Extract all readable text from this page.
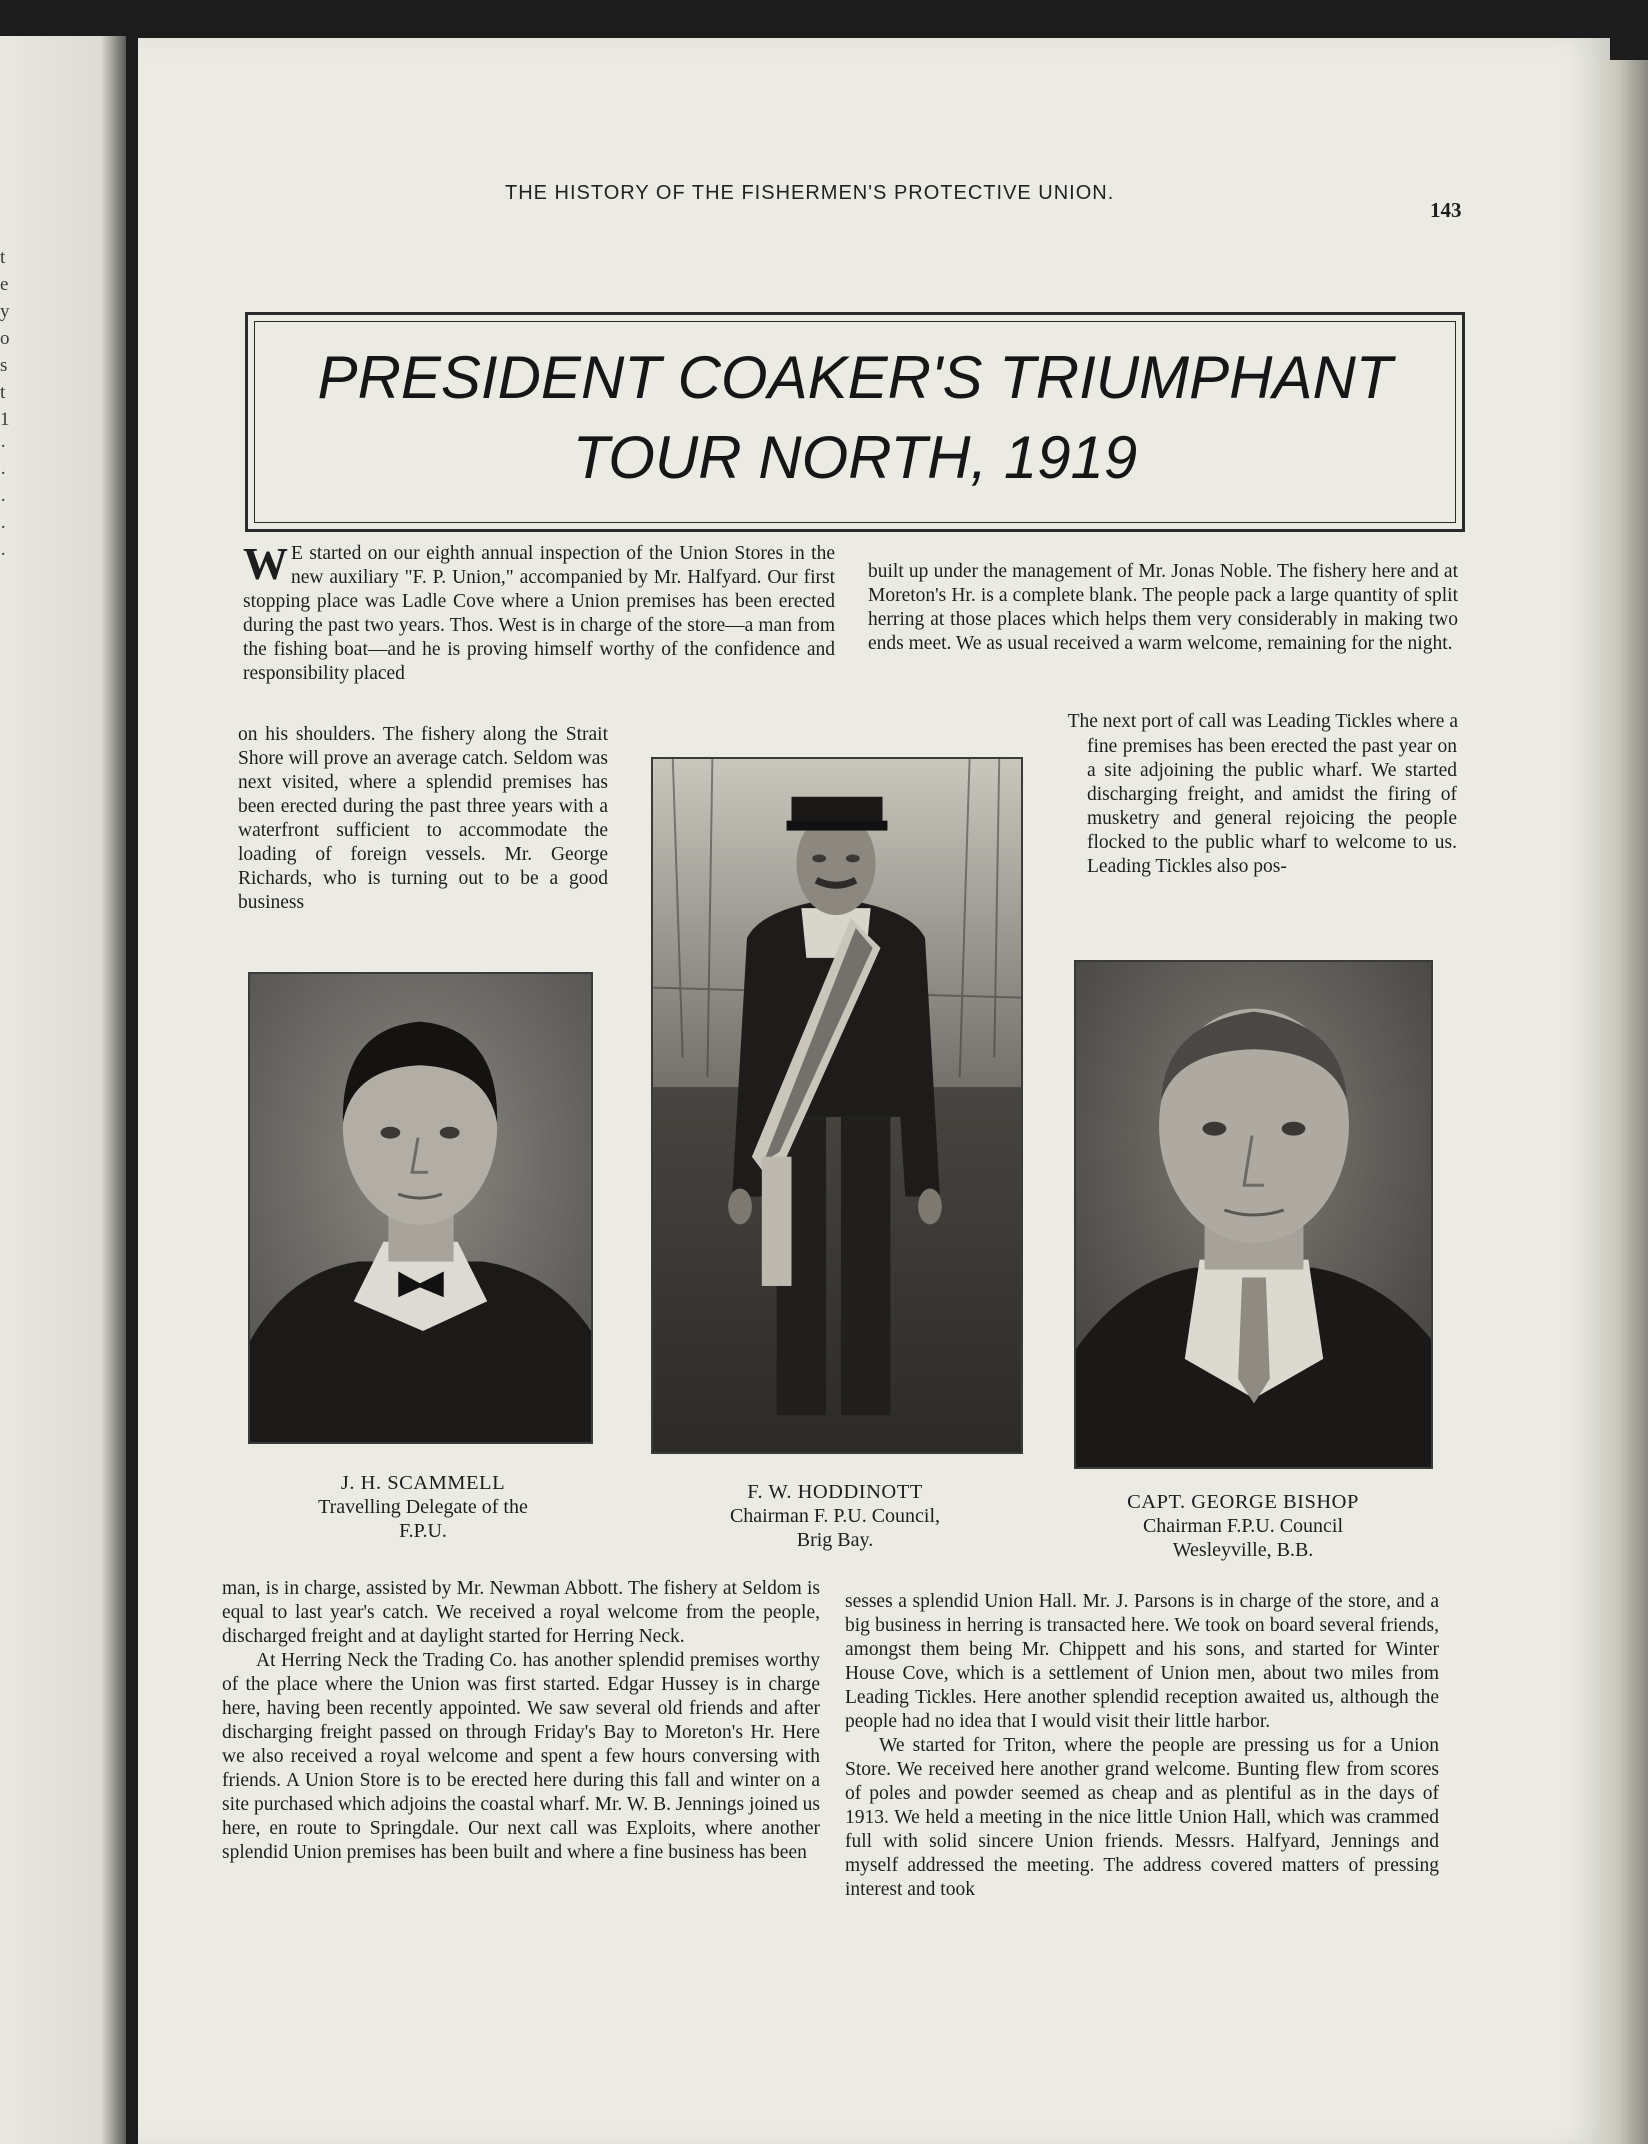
t
e
y
o
s
t
1
·
·
·
·
·
THE HISTORY OF THE FISHERMEN'S PROTECTIVE UNION.
143
PRESIDENT COAKER'S TRIUMPHANT
TOUR NORTH, 1919

W E started on our eighth annual inspection of the Union Stores in the new auxiliary "F. P. Union," accompanied by Mr. Halfyard. Our first stopping place was Ladle Cove where a Union premises has been erected during the past two years. Thos. West is in charge of the store—a man from the fishing boat—and he is proving himself worthy of the confidence and responsibility placed

on his shoulders. The fishery along the Strait Shore will prove an average catch. Seldom was next visited, where a splendid premises has been erected during the past three years with a waterfront sufficient to accommodate the loading of foreign vessels. Mr. George Richards, who is turning out to be a good business

built up under the management of Mr. Jonas Noble. The fishery here and at Moreton's Hr. is a complete blank. The people pack a large quantity of split herring at those places which helps them very considerably in making two ends meet. We as usual received a warm welcome, remaining for the night.

The next port of call was Leading Tickles where a

fine premises has been erected the past year on a site adjoining the public wharf. We started discharging freight, and amidst the firing of musketry and general rejoicing the people flocked to the public wharf to welcome to us. Leading Tickles also pos-

J. H. SCAMMELL
Travelling Delegate of the
F.P.U.
F. W. HODDINOTT
Chairman F. P.U. Council,
Brig Bay.
CAPT. GEORGE BISHOP
Chairman F.P.U. Council
Wesleyville, B.B.

man, is in charge, assisted by Mr. Newman Abbott. The fishery at Seldom is equal to last year's catch. We received a royal welcome from the people, discharged freight and at daylight started for Herring Neck.

At Herring Neck the Trading Co. has another splendid premises worthy of the place where the Union was first started. Edgar Hussey is in charge here, having been recently appointed. We saw several old friends and after discharging freight passed on through Friday's Bay to Moreton's Hr. Here we also received a royal welcome and spent a few hours conversing with friends. A Union Store is to be erected here during this fall and winter on a site purchased which adjoins the coastal wharf. Mr. W. B. Jennings joined us here, en route to Springdale. Our next call was Exploits, where another splendid Union premises has been built and where a fine business has been

sesses a splendid Union Hall. Mr. J. Parsons is in charge of the store, and a big business in herring is transacted here. We took on board several friends, amongst them being Mr. Chippett and his sons, and started for Winter House Cove, which is a settlement of Union men, about two miles from Leading Tickles. Here another splendid reception awaited us, although the people had no idea that I would visit their little harbor.

We started for Triton, where the people are pressing us for a Union Store. We received here another grand welcome. Bunting flew from scores of poles and powder seemed as cheap and as plentiful as in the days of 1913. We held a meeting in the nice little Union Hall, which was crammed full with solid sincere Union friends. Messrs. Halfyard, Jennings and myself addressed the meeting. The address covered matters of pressing interest and took
